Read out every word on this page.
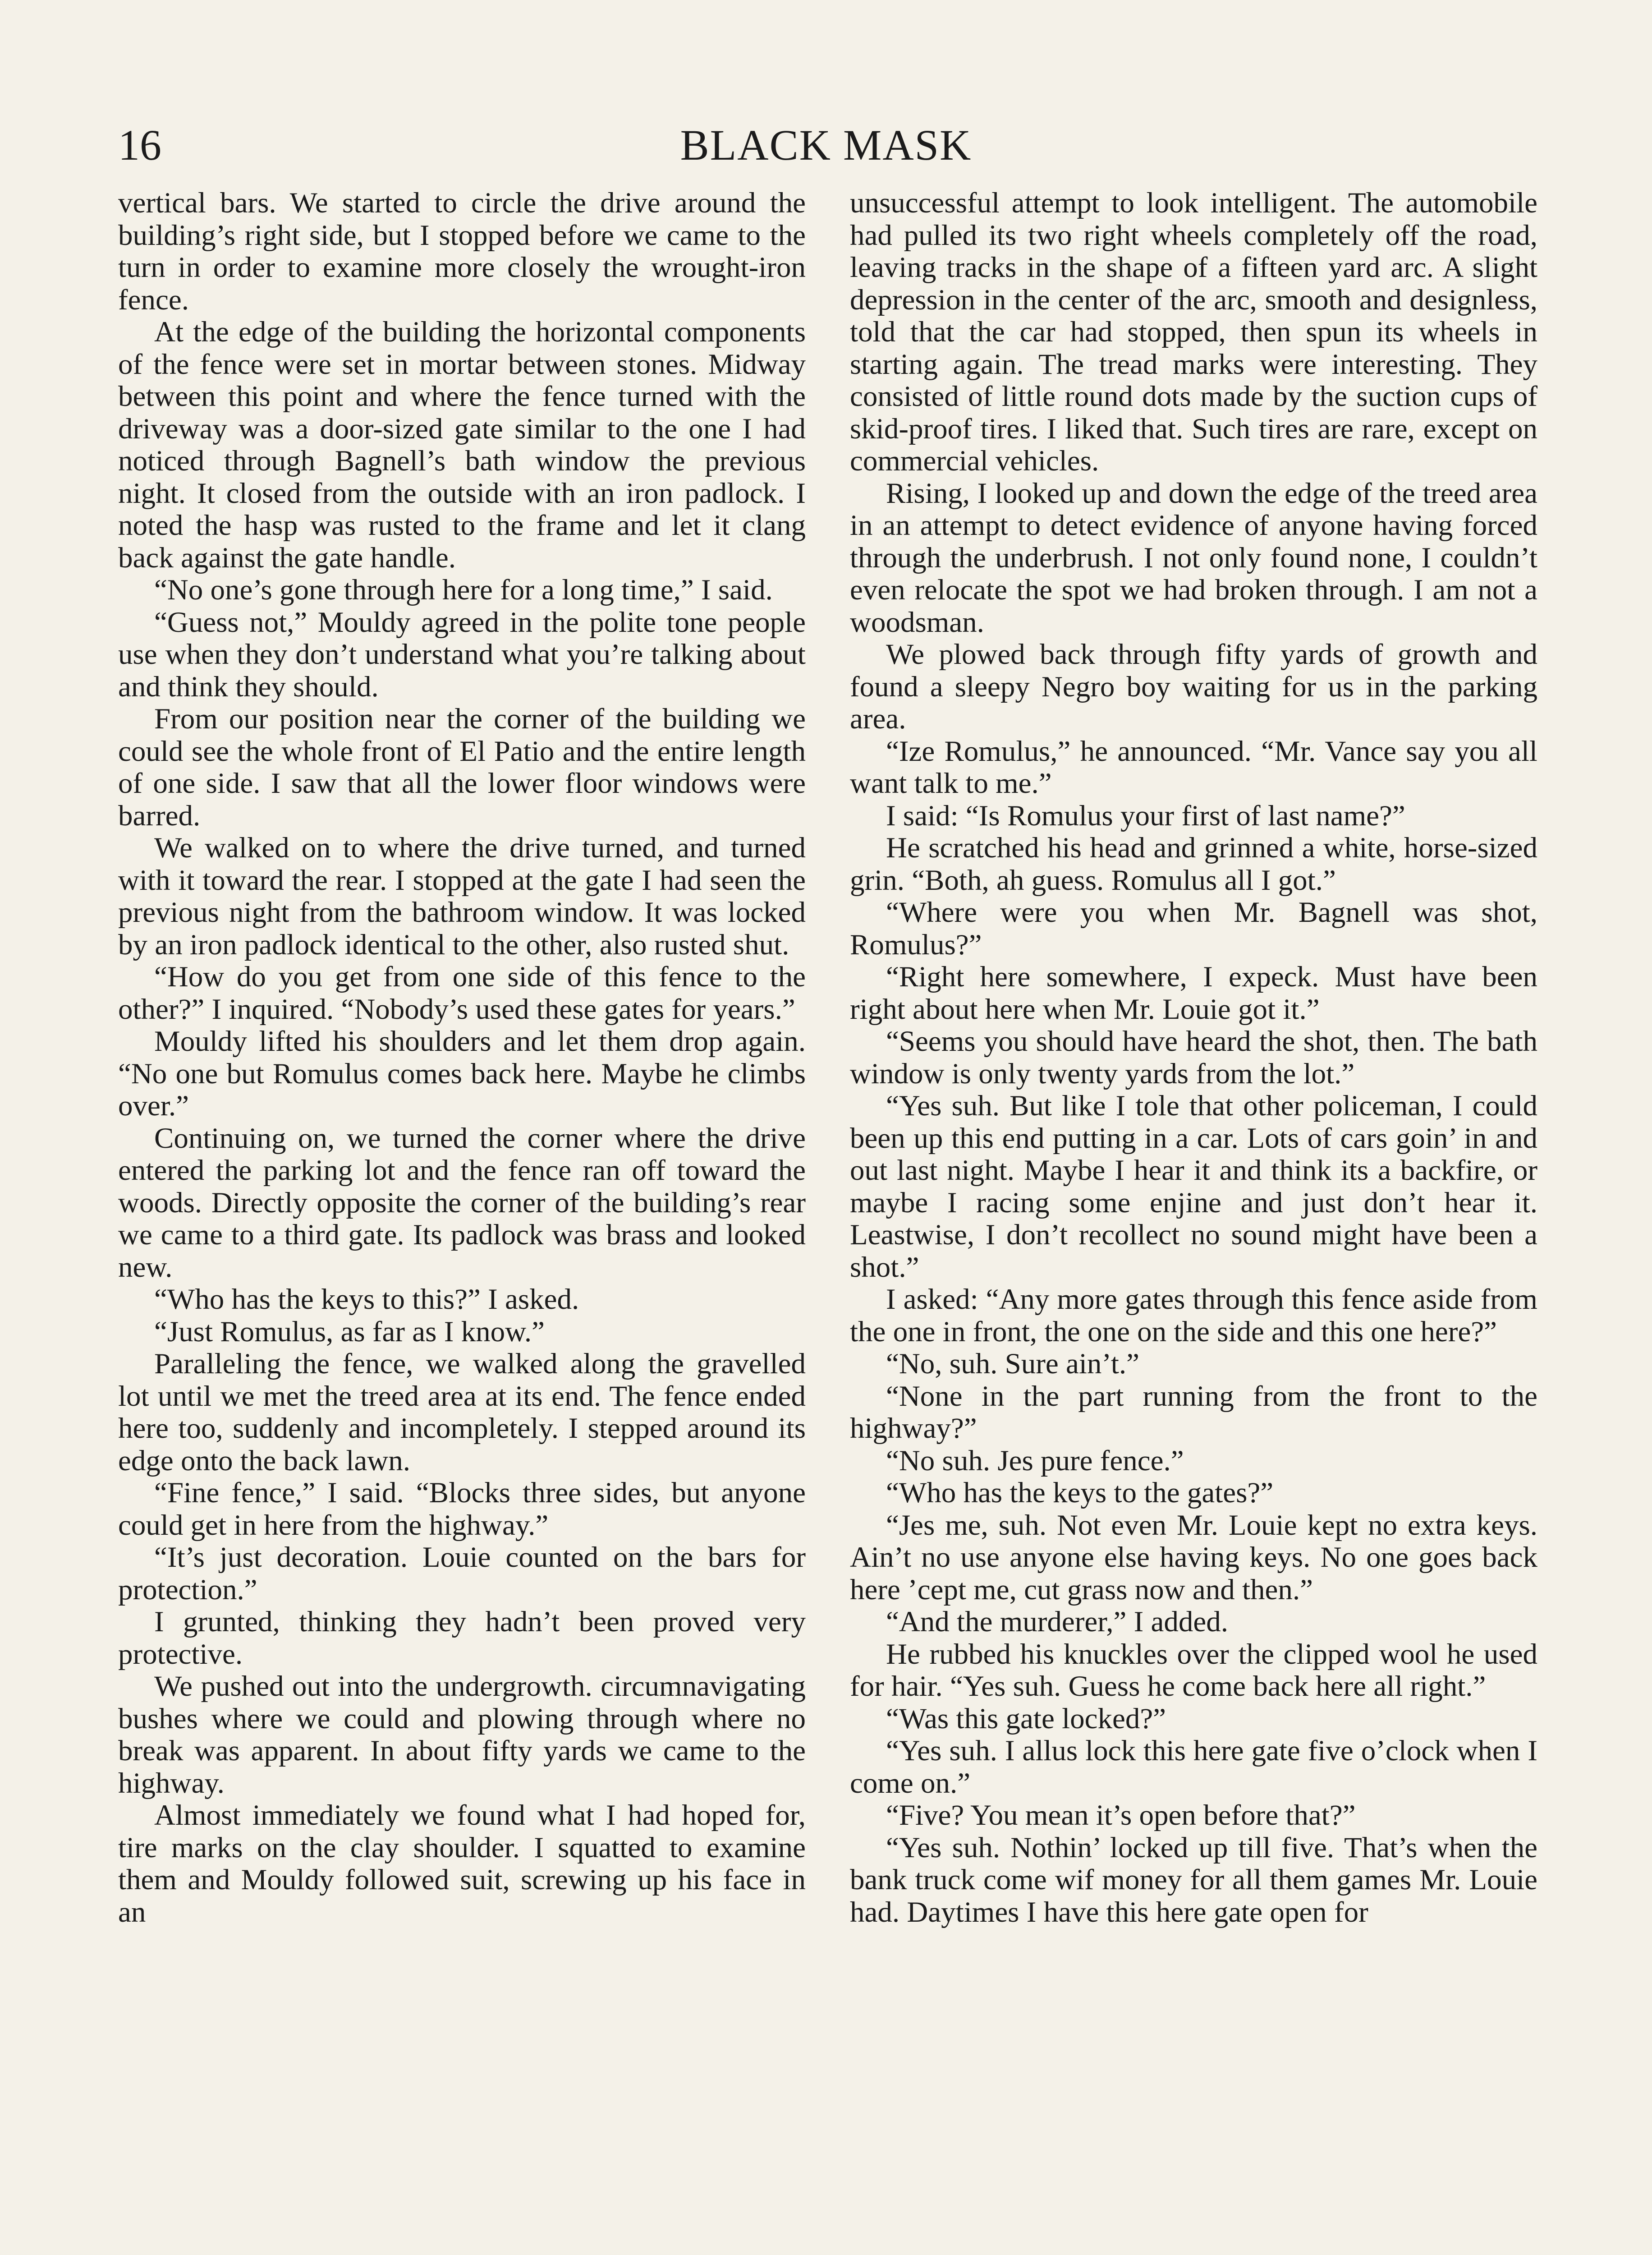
16	BLACK MASK

vertical bars. We started to circle the drive around the building’s right side, but I stopped before we came to the turn in order to examine more closely the wrought-iron fence.

At the edge of the building the horizontal components of the fence were set in mortar between stones. Midway between this point and where the fence turned with the driveway was a door-sized gate similar to the one I had noticed through Bagnell’s bath window the previous night. It closed from the outside with an iron padlock. I noted the hasp was rusted to the frame and let it clang back against the gate handle.

“No one’s gone through here for a long time,” I said.

“Guess not,” Mouldy agreed in the polite tone people use when they don’t understand what you’re talking about and think they should.

From our position near the corner of the building we could see the whole front of El Patio and the entire length of one side. I saw that all the lower floor windows were barred.

We walked on to where the drive turned, and turned with it toward the rear. I stopped at the gate I had seen the previous night from the bathroom window. It was locked by an iron padlock identical to the other, also rusted shut.

“How do you get from one side of this fence to the other?” I inquired. “Nobody’s used these gates for years.”

Mouldy lifted his shoulders and let them drop again. “No one but Romulus comes back here. Maybe he climbs over.”

Continuing on, we turned the corner where the drive entered the parking lot and the fence ran off toward the woods. Directly opposite the corner of the building’s rear we came to a third gate. Its padlock was brass and looked new.

“Who has the keys to this?” I asked.

“Just Romulus, as far as I know.”

Paralleling the fence, we walked along the gravelled lot until we met the treed area at its end. The fence ended here too, suddenly and incompletely. I stepped around its edge onto the back lawn.

“Fine fence,” I said. “Blocks three sides, but anyone could get in here from the highway.”

“It’s just decoration. Louie counted on the bars for protection.”

I grunted, thinking they hadn’t been proved very protective.

We pushed out into the undergrowth. circumnavigating bushes where we could and plowing through where no break was apparent. In about fifty yards we came to the highway.

Almost immediately we found what I had hoped for, tire marks on the clay shoulder. I squatted to examine them and Mouldy followed suit, screwing up his face in an

unsuccessful attempt to look intelligent. The automobile had pulled its two right wheels completely off the road, leaving tracks in the shape of a fifteen yard arc. A slight depression in the center of the arc, smooth and designless, told that the car had stopped, then spun its wheels in starting again. The tread marks were interesting. They consisted of little round dots made by the suction cups of skid-proof tires. I liked that. Such tires are rare, except on commercial vehicles.

Rising, I looked up and down the edge of the treed area in an attempt to detect evidence of anyone having forced through the underbrush. I not only found none, I couldn’t even relocate the spot we had broken through. I am not a woodsman.

We plowed back through fifty yards of growth and found a sleepy Negro boy waiting for us in the parking area.

“Ize Romulus,” he announced. “Mr. Vance say you all want talk to me.”

I said: “Is Romulus your first of last name?”

He scratched his head and grinned a white, horse-sized grin. “Both, ah guess. Romulus all I got.”

“Where were you when Mr. Bagnell was shot, Romulus?”

“Right here somewhere, I expeck. Must have been right about here when Mr. Louie got it.”

“Seems you should have heard the shot, then. The bath window is only twenty yards from the lot.”

“Yes suh. But like I tole that other policeman, I could been up this end putting in a car. Lots of cars goin’ in and out last night. Maybe I hear it and think its a backfire, or maybe I racing some enjine and just don’t hear it. Leastwise, I don’t recollect no sound might have been a shot.”

I asked: “Any more gates through this fence aside from the one in front, the one on the side and this one here?”

“No, suh. Sure ain’t.”

“None in the part running from the front to the highway?”

“No suh. Jes pure fence.”

“Who has the keys to the gates?”

“Jes me, suh. Not even Mr. Louie kept no extra keys. Ain’t no use anyone else having keys. No one goes back here ’cept me, cut grass now and then.”

“And the murderer,” I added.

He rubbed his knuckles over the clipped wool he used for hair. “Yes suh. Guess he come back here all right.”

“Was this gate locked?”

“Yes suh. I allus lock this here gate five o’clock when I come on.”

“Five? You mean it’s open before that?”

“Yes suh. Nothin’ locked up till five. That’s when the bank truck come wif money for all them games Mr. Louie had. Daytimes I have this here gate open for
